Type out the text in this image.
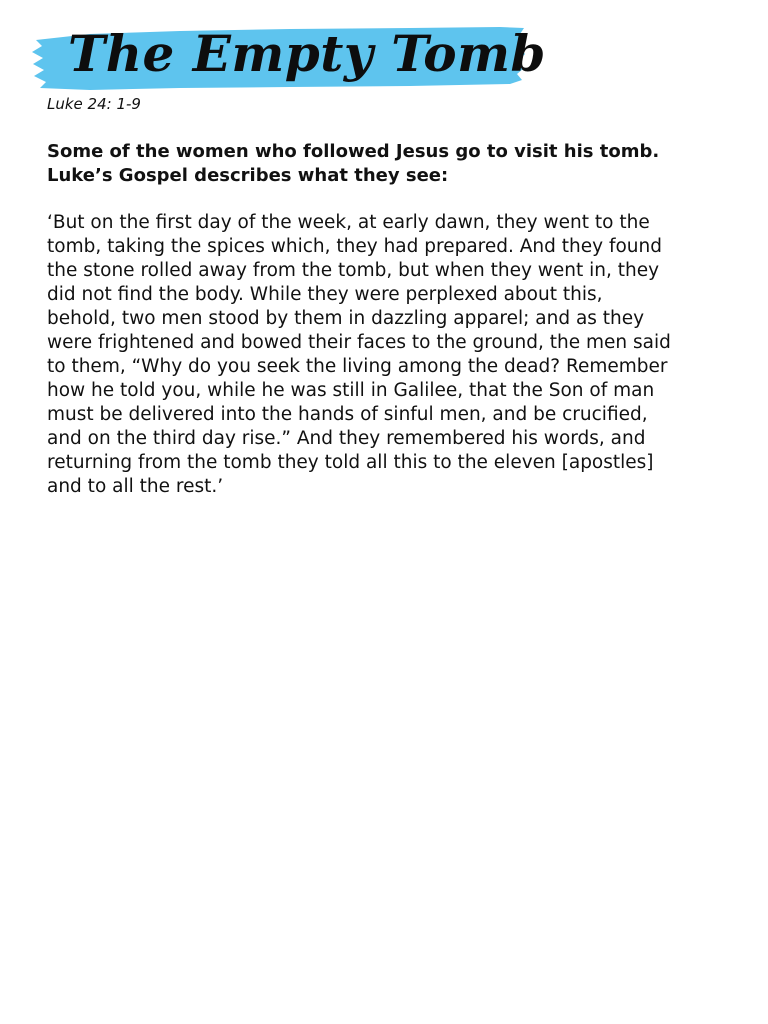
The Empty Tomb

Luke 24: 1-9

Some of the women who followed Jesus go to visit his tomb.
Luke’s Gospel describes what they see:
‘But on the first day of the week, at early dawn, they went to the
tomb, taking the spices which, they had prepared. And they found
the stone rolled away from the tomb, but when they went in, they
did not find the body. While they were perplexed about this,
behold, two men stood by them in dazzling apparel; and as they
were frightened and bowed their faces to the ground, the men said
to them, “Why do you seek the living among the dead? Remember
how he told you, while he was still in Galilee, that the Son of man
must be delivered into the hands of sinful men, and be crucified,
and on the third day rise.” And they remembered his words, and
returning from the tomb they told all this to the eleven [apostles]
and to all the rest.’
